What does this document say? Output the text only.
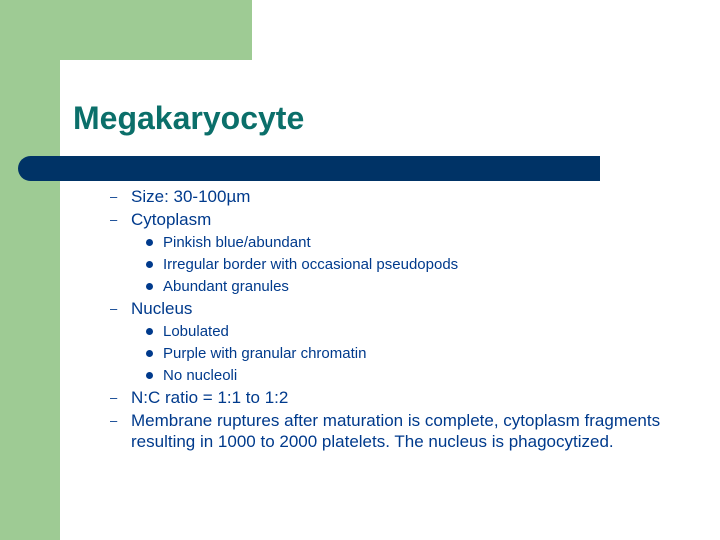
Megakaryocyte
– Size: 30-100µm
– Cytoplasm
Pinkish blue/abundant
Irregular border with occasional pseudopods
Abundant granules
– Nucleus
Lobulated
Purple with granular chromatin
No nucleoli
– N:C ratio = 1:1 to 1:2
– Membrane ruptures after maturation is complete, cytoplasm fragments resulting in 1000 to 2000 platelets. The nucleus is phagocytized.
